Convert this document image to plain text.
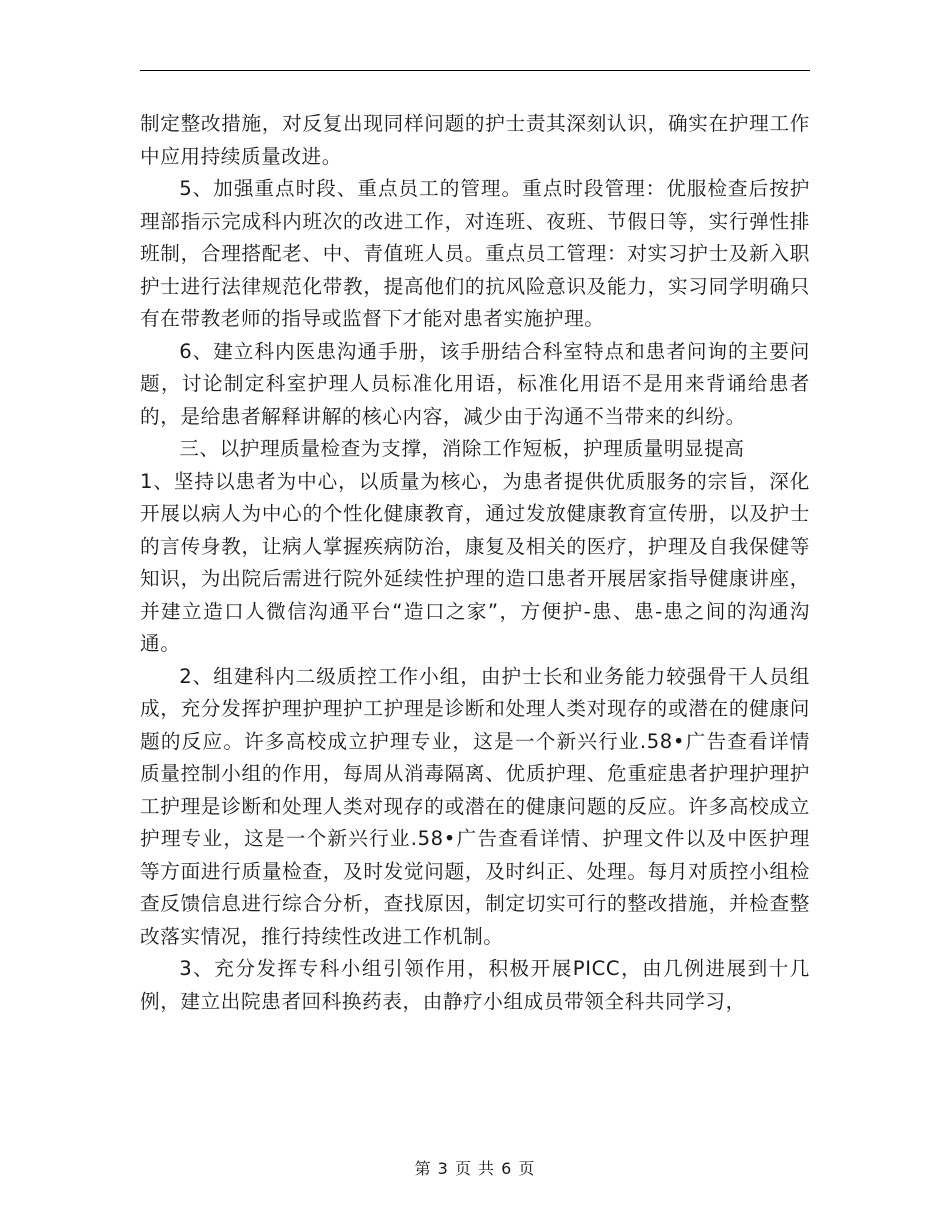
制定整改措施，对反复出现同样问题的护士责其深刻认识，确实在护理工作中应用持续质量改进。

5、加强重点时段、重点员工的管理。重点时段管理：优服检查后按护理部指示完成科内班次的改进工作，对连班、夜班、节假日等，实行弹性排班制，合理搭配老、中、青值班人员。重点员工管理：对实习护士及新入职护士进行法律规范化带教，提高他们的抗风险意识及能力，实习同学明确只有在带教老师的指导或监督下才能对患者实施护理。

6、建立科内医患沟通手册，该手册结合科室特点和患者问询的主要问题，讨论制定科室护理人员标准化用语，标准化用语不是用来背诵给患者的，是给患者解释讲解的核心内容，减少由于沟通不当带来的纠纷。

三、以护理质量检查为支撑，消除工作短板，护理质量明显提高

1、坚持以患者为中心，以质量为核心，为患者提供优质服务的宗旨，深化开展以病人为中心的个性化健康教育，通过发放健康教育宣传册，以及护士的言传身教，让病人掌握疾病防治，康复及相关的医疗，护理及自我保健等知识，为出院后需进行院外延续性护理的造口患者开展居家指导健康讲座，并建立造口人微信沟通平台“造口之家”，方便护-患、患-患之间的沟通沟通。

2、组建科内二级质控工作小组，由护士长和业务能力较强骨干人员组成，充分发挥护理护理护工护理是诊断和处理人类对现存的或潜在的健康问题的反应。许多高校成立护理专业，这是一个新兴行业.58•广告查看详情质量控制小组的作用，每周从消毒隔离、优质护理、危重症患者护理护理护工护理是诊断和处理人类对现存的或潜在的健康问题的反应。许多高校成立护理专业，这是一个新兴行业.58•广告查看详情、护理文件以及中医护理等方面进行质量检查，及时发觉问题，及时纠正、处理。每月对质控小组检查反馈信息进行综合分析，查找原因，制定切实可行的整改措施，并检查整改落实情况，推行持续性改进工作机制。

3、充分发挥专科小组引领作用，积极开展PICC，由几例进展到十几例，建立出院患者回科换药表，由静疗小组成员带领全科共同学习，

第 3 页 共 6 页
